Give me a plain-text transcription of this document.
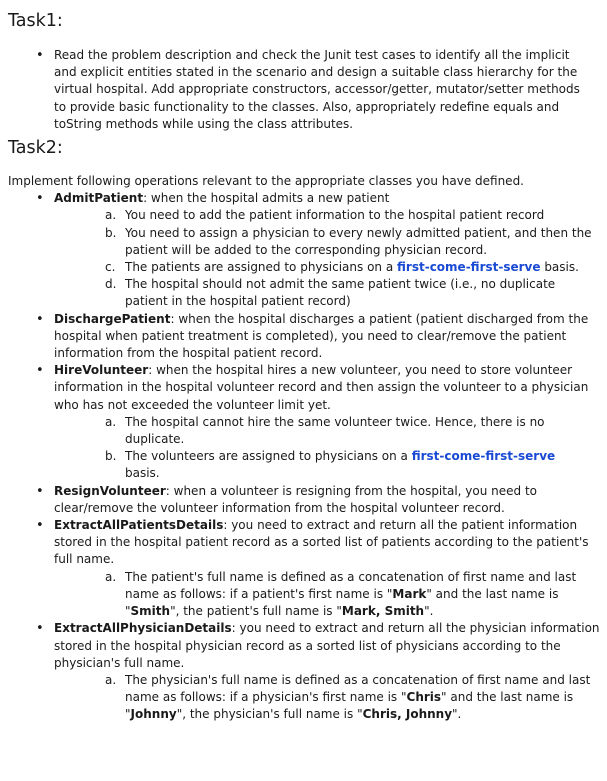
Task1:
• Read the problem description and check the Junit test cases to identify all the implicit and explicit entities stated in the scenario and design a suitable class hierarchy for the virtual hospital. Add appropriate constructors, accessor/getter, mutator/setter methods to provide basic functionality to the classes. Also, appropriately redefine equals and toString methods while using the class attributes.
Task2:
Implement following operations relevant to the appropriate classes you have defined.
• AdmitPatient: when the hospital admits a new patient
a. You need to add the patient information to the hospital patient record
b. You need to assign a physician to every newly admitted patient, and then the patient will be added to the corresponding physician record.
c. The patients are assigned to physicians on a first-come-first-serve basis.
d. The hospital should not admit the same patient twice (i.e., no duplicate patient in the hospital patient record)
• DischargePatient: when the hospital discharges a patient (patient discharged from the hospital when patient treatment is completed), you need to clear/remove the patient information from the hospital patient record.
• HireVolunteer: when the hospital hires a new volunteer, you need to store volunteer information in the hospital volunteer record and then assign the volunteer to a physician who has not exceeded the volunteer limit yet.
a. The hospital cannot hire the same volunteer twice. Hence, there is no duplicate.
b. The volunteers are assigned to physicians on a first-come-first-serve basis.
• ResignVolunteer: when a volunteer is resigning from the hospital, you need to clear/remove the volunteer information from the hospital volunteer record.
• ExtractAllPatientsDetails: you need to extract and return all the patient information stored in the hospital patient record as a sorted list of patients according to the patient's full name.
a. The patient's full name is defined as a concatenation of first name and last name as follows: if a patient's first name is "Mark" and the last name is "Smith", the patient's full name is "Mark, Smith".
• ExtractAllPhysicianDetails: you need to extract and return all the physician information stored in the hospital physician record as a sorted list of physicians according to the physician's full name.
a. The physician's full name is defined as a concatenation of first name and last name as follows: if a physician's first name is "Chris" and the last name is "Johnny", the physician's full name is "Chris, Johnny".
